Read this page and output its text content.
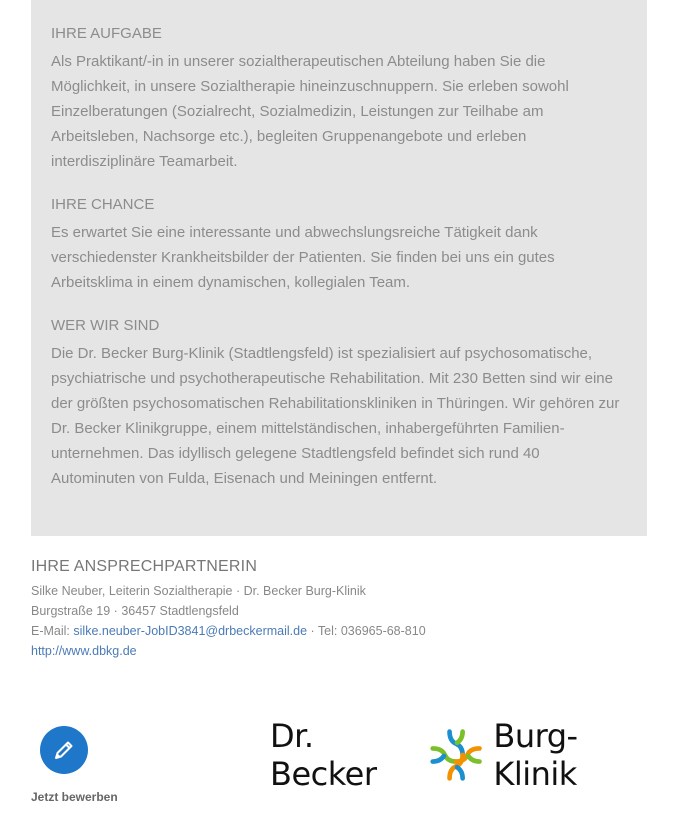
IHRE AUFGABE

Als Praktikant/-in in unserer sozialtherapeutischen Abteilung haben Sie die Möglichkeit, in unsere Sozialtherapie hineinzuschnuppern. Sie erleben sowohl Einzelberatungen (Sozialrecht, Sozialmedizin, Leistungen zur Teilhabe am Arbeitsleben, Nachsorge etc.), begleiten Gruppenangebote und erleben interdisziplinäre Teamarbeit.

IHRE CHANCE

Es erwartet Sie eine interessante und abwechslungsreiche Tätigkeit dank verschiedenster Krankheitsbilder der Patienten. Sie finden bei uns ein gutes Arbeitsklima in einem dynamischen, kollegialen Team.

WER WIR SIND

Die Dr. Becker Burg-Klinik (Stadtlengsfeld) ist spezialisiert auf psychosomatische, psychiatrische und psychotherapeutische Rehabilitation. Mit 230 Betten sind wir eine der größten psychosomatischen Rehabilitationskliniken in Thüringen. Wir gehören zur Dr. Becker Klinikgruppe, einem mittelständischen, inhabergeführten Familien-unternehmen. Das idyllisch gelegene Stadtlengsfeld befindet sich rund 40 Autominuten von Fulda, Eisenach und Meiningen entfernt.

IHRE ANSPRECHPARTNERIN

Silke Neuber, Leiterin Sozialtherapie · Dr. Becker Burg-Klinik

Burgstraße 19 · 36457 Stadtlengsfeld

E-Mail: silke.neuber-JobID3841@drbeckermail.de · Tel: 036965-68-810

http://www.dbkg.de

Jetzt bewerben
Dr. Becker
Burg-Klinik
